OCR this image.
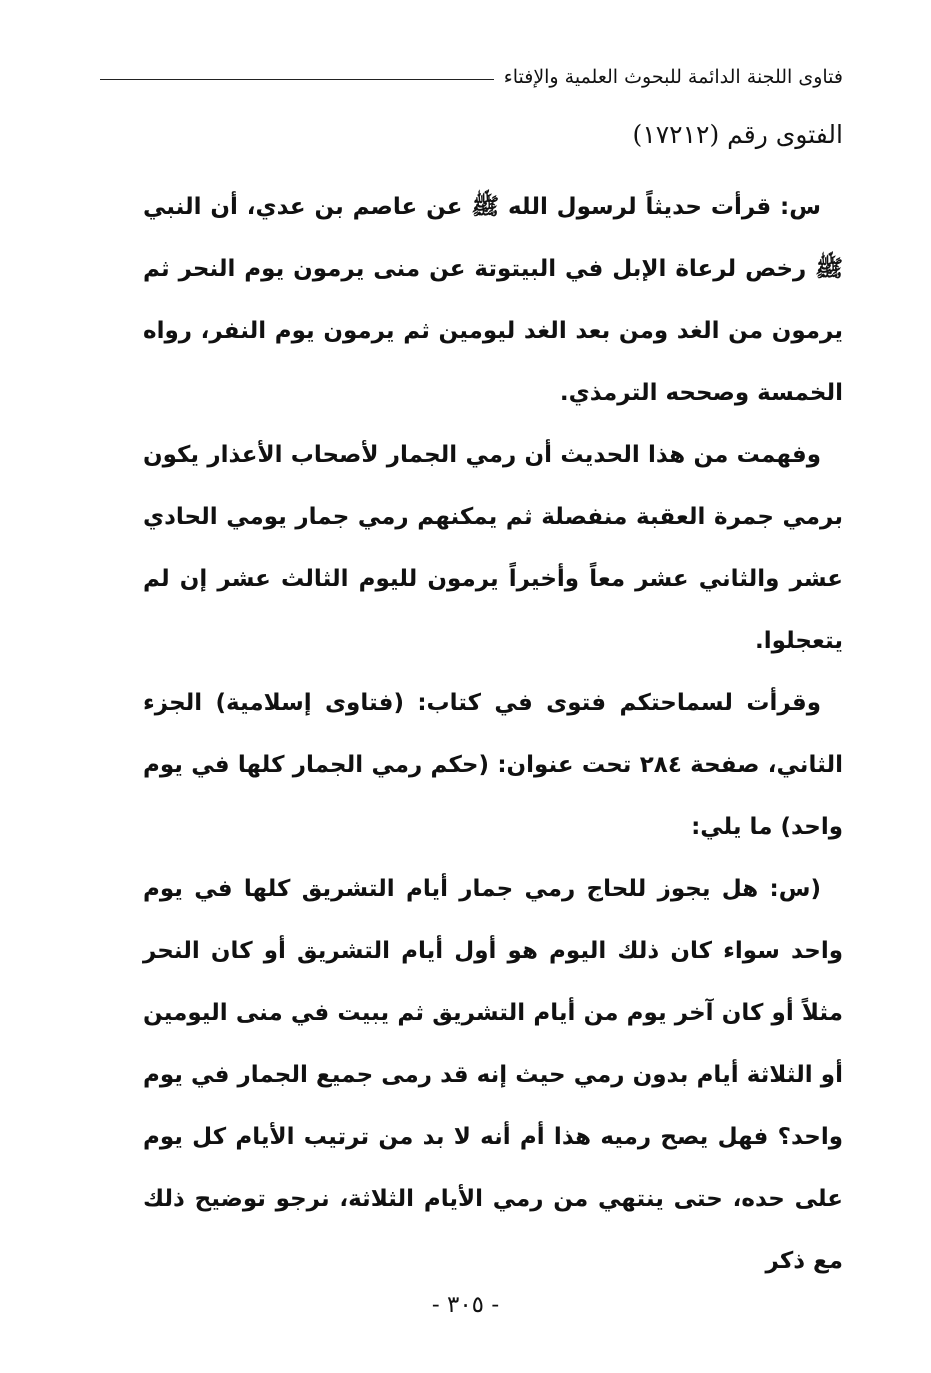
فتاوى اللجنة الدائمة للبحوث العلمية والإفتاء
الفتوى رقم (١٧٢١٢)

س: قرأت حديثاً لرسول الله ﷺ عن عاصم بن عدي، أن النبي ﷺ رخص لرعاة الإبل في البيتوتة عن منى يرمون يوم النحر ثم يرمون من الغد ومن بعد الغد ليومين ثم يرمون يوم النفر، رواه الخمسة وصححه الترمذي.

وفهمت من هذا الحديث أن رمي الجمار لأصحاب الأعذار يكون برمي جمرة العقبة منفصلة ثم يمكنهم رمي جمار يومي الحادي عشر والثاني عشر معاً وأخيراً يرمون لليوم الثالث عشر إن لم يتعجلوا.

وقرأت لسماحتكم فتوى في كتاب: (فتاوى إسلامية) الجزء الثاني، صفحة ٢٨٤ تحت عنوان: (حكم رمي الجمار كلها في يوم واحد) ما يلي:

(س: هل يجوز للحاج رمي جمار أيام التشريق كلها في يوم واحد سواء كان ذلك اليوم هو أول أيام التشريق أو كان النحر مثلاً أو كان آخر يوم من أيام التشريق ثم يبيت في منى اليومين أو الثلاثة أيام بدون رمي حيث إنه قد رمى جميع الجمار في يوم واحد؟ فهل يصح رميه هذا أم أنه لا بد من ترتيب الأيام كل يوم على حده، حتى ينتهي من رمي الأيام الثلاثة، نرجو توضيح ذلك مع ذكر

- ٣٠٥ -
